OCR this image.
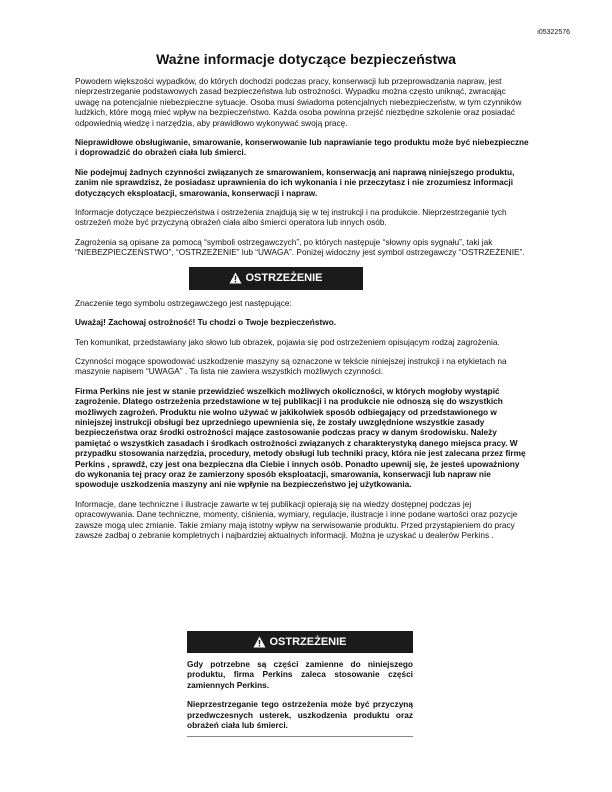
i05322576
Ważne informacje dotyczące bezpieczeństwa

Powodem większości wypadków, do których dochodzi podczas pracy, konserwacji lub przeprowadzania napraw, jest nieprzestrzeganie podstawowych zasad bezpieczeństwa lub ostrożności. Wypadku można często uniknąć, zwracając uwagę na potencjalnie niebezpieczne sytuacje. Osoba musi świadoma potencjalnych niebezpieczeństw, w tym czynników ludzkich, które mogą mieć wpływ na bezpieczeństwo. Każda osoba powinna przejść niezbędne szkolenie oraz posiadać odpowiednią wiedzę i narzędzia, aby prawidłowo wykonywać swoją pracę.

Nieprawidłowe obsługiwanie, smarowanie, konserwowanie lub naprawianie tego produktu może być niebezpieczne i doprowadzić do obrażeń ciała lub śmierci.

Nie podejmuj żadnych czynności związanych ze smarowaniem, konserwacją ani naprawą niniejszego produktu, zanim nie sprawdzisz, że posiadasz uprawnienia do ich wykonania i nie przeczytasz i nie zrozumiesz informacji dotyczących eksploatacji, smarowania, konserwacji i napraw.

Informacje dotyczące bezpieczeństwa i ostrzeżenia znajdują się w tej instrukcji i na produkcie. Nieprzestrzeganie tych ostrzeżeń może być przyczyną obrażeń ciała albo śmierci operatora lub innych osób.

Zagrożenia są opisane za pomocą “symboli ostrzegawczych”, po których następuje “słowny opis sygnału”, taki jak “NIEBEZPIECZEŃSTWO”, “OSTRZEŻENIE” lub “UWAGA”. Poniżej widoczny jest symbol ostrzegawczy “OSTRZEŻENIE”.

OSTRZEŻENIE

Znaczenie tego symbolu ostrzegawczego jest następujące:

Uważaj! Zachowaj ostrożność! Tu chodzi o Twoje bezpieczeństwo.

Ten komunikat, przedstawiany jako słowo lub obrazek, pojawia się pod ostrzeżeniem opisującym rodzaj zagrożenia.

Czynności mogące spowodować uszkodzenie maszyny są oznaczone w tekście niniejszej instrukcji i na etykietach na maszynie napisem “UWAGA” . Ta lista nie zawiera wszystkich możliwych czynności.

Firma Perkins nie jest w stanie przewidzieć wszelkich możliwych okoliczności, w których mogłoby wystąpić zagrożenie. Dlatego ostrzeżenia przedstawione w tej publikacji i na produkcie nie odnoszą się do wszystkich możliwych zagrożeń. Produktu nie wolno używać w jakikolwiek sposób odbiegający od przedstawionego w niniejszej instrukcji obsługi bez uprzedniego upewnienia się, że zostały uwzględnione wszystkie zasady bezpieczeństwa oraz środki ostrożności mające zastosowanie podczas pracy w danym środowisku. Należy pamiętać o wszystkich zasadach i środkach ostrożności związanych z charakterystyką danego miejsca pracy. W przypadku stosowania narzędzia, procedury, metody obsługi lub techniki pracy, która nie jest zalecana przez firmę Perkins , sprawdź, czy jest ona bezpieczna dla Ciebie i innych osób. Ponadto upewnij się, że jesteś upoważniony do wykonania tej pracy oraz że zamierzony sposób eksploatacji, smarowania, konserwacji lub napraw nie spowoduje uszkodzenia maszyny ani nie wpłynie na bezpieczeństwo jej użytkowania.

Informacje, dane techniczne i ilustracje zawarte w tej publikacji opierają się na wiedzy dostępnej podczas jej opracowywania. Dane techniczne, momenty, ciśnienia, wymiary, regulacje, ilustracje i inne podane wartości oraz pozycje zawsze mogą ulec zmianie. Takie zmiany mają istotny wpływ na serwisowanie produktu. Przed przystąpieniem do pracy zawsze zadbaj o zebranie kompletnych i najbardziej aktualnych informacji. Można je uzyskać u dealerów Perkins .

OSTRZEŻENIE

Gdy potrzebne są części zamienne do niniejszego produktu, firma Perkins zaleca stosowanie części zamiennych Perkins.

Nieprzestrzeganie tego ostrzeżenia może być przyczyną przedwczesnych usterek, uszkodzenia produktu oraz obrażeń ciała lub śmierci.
